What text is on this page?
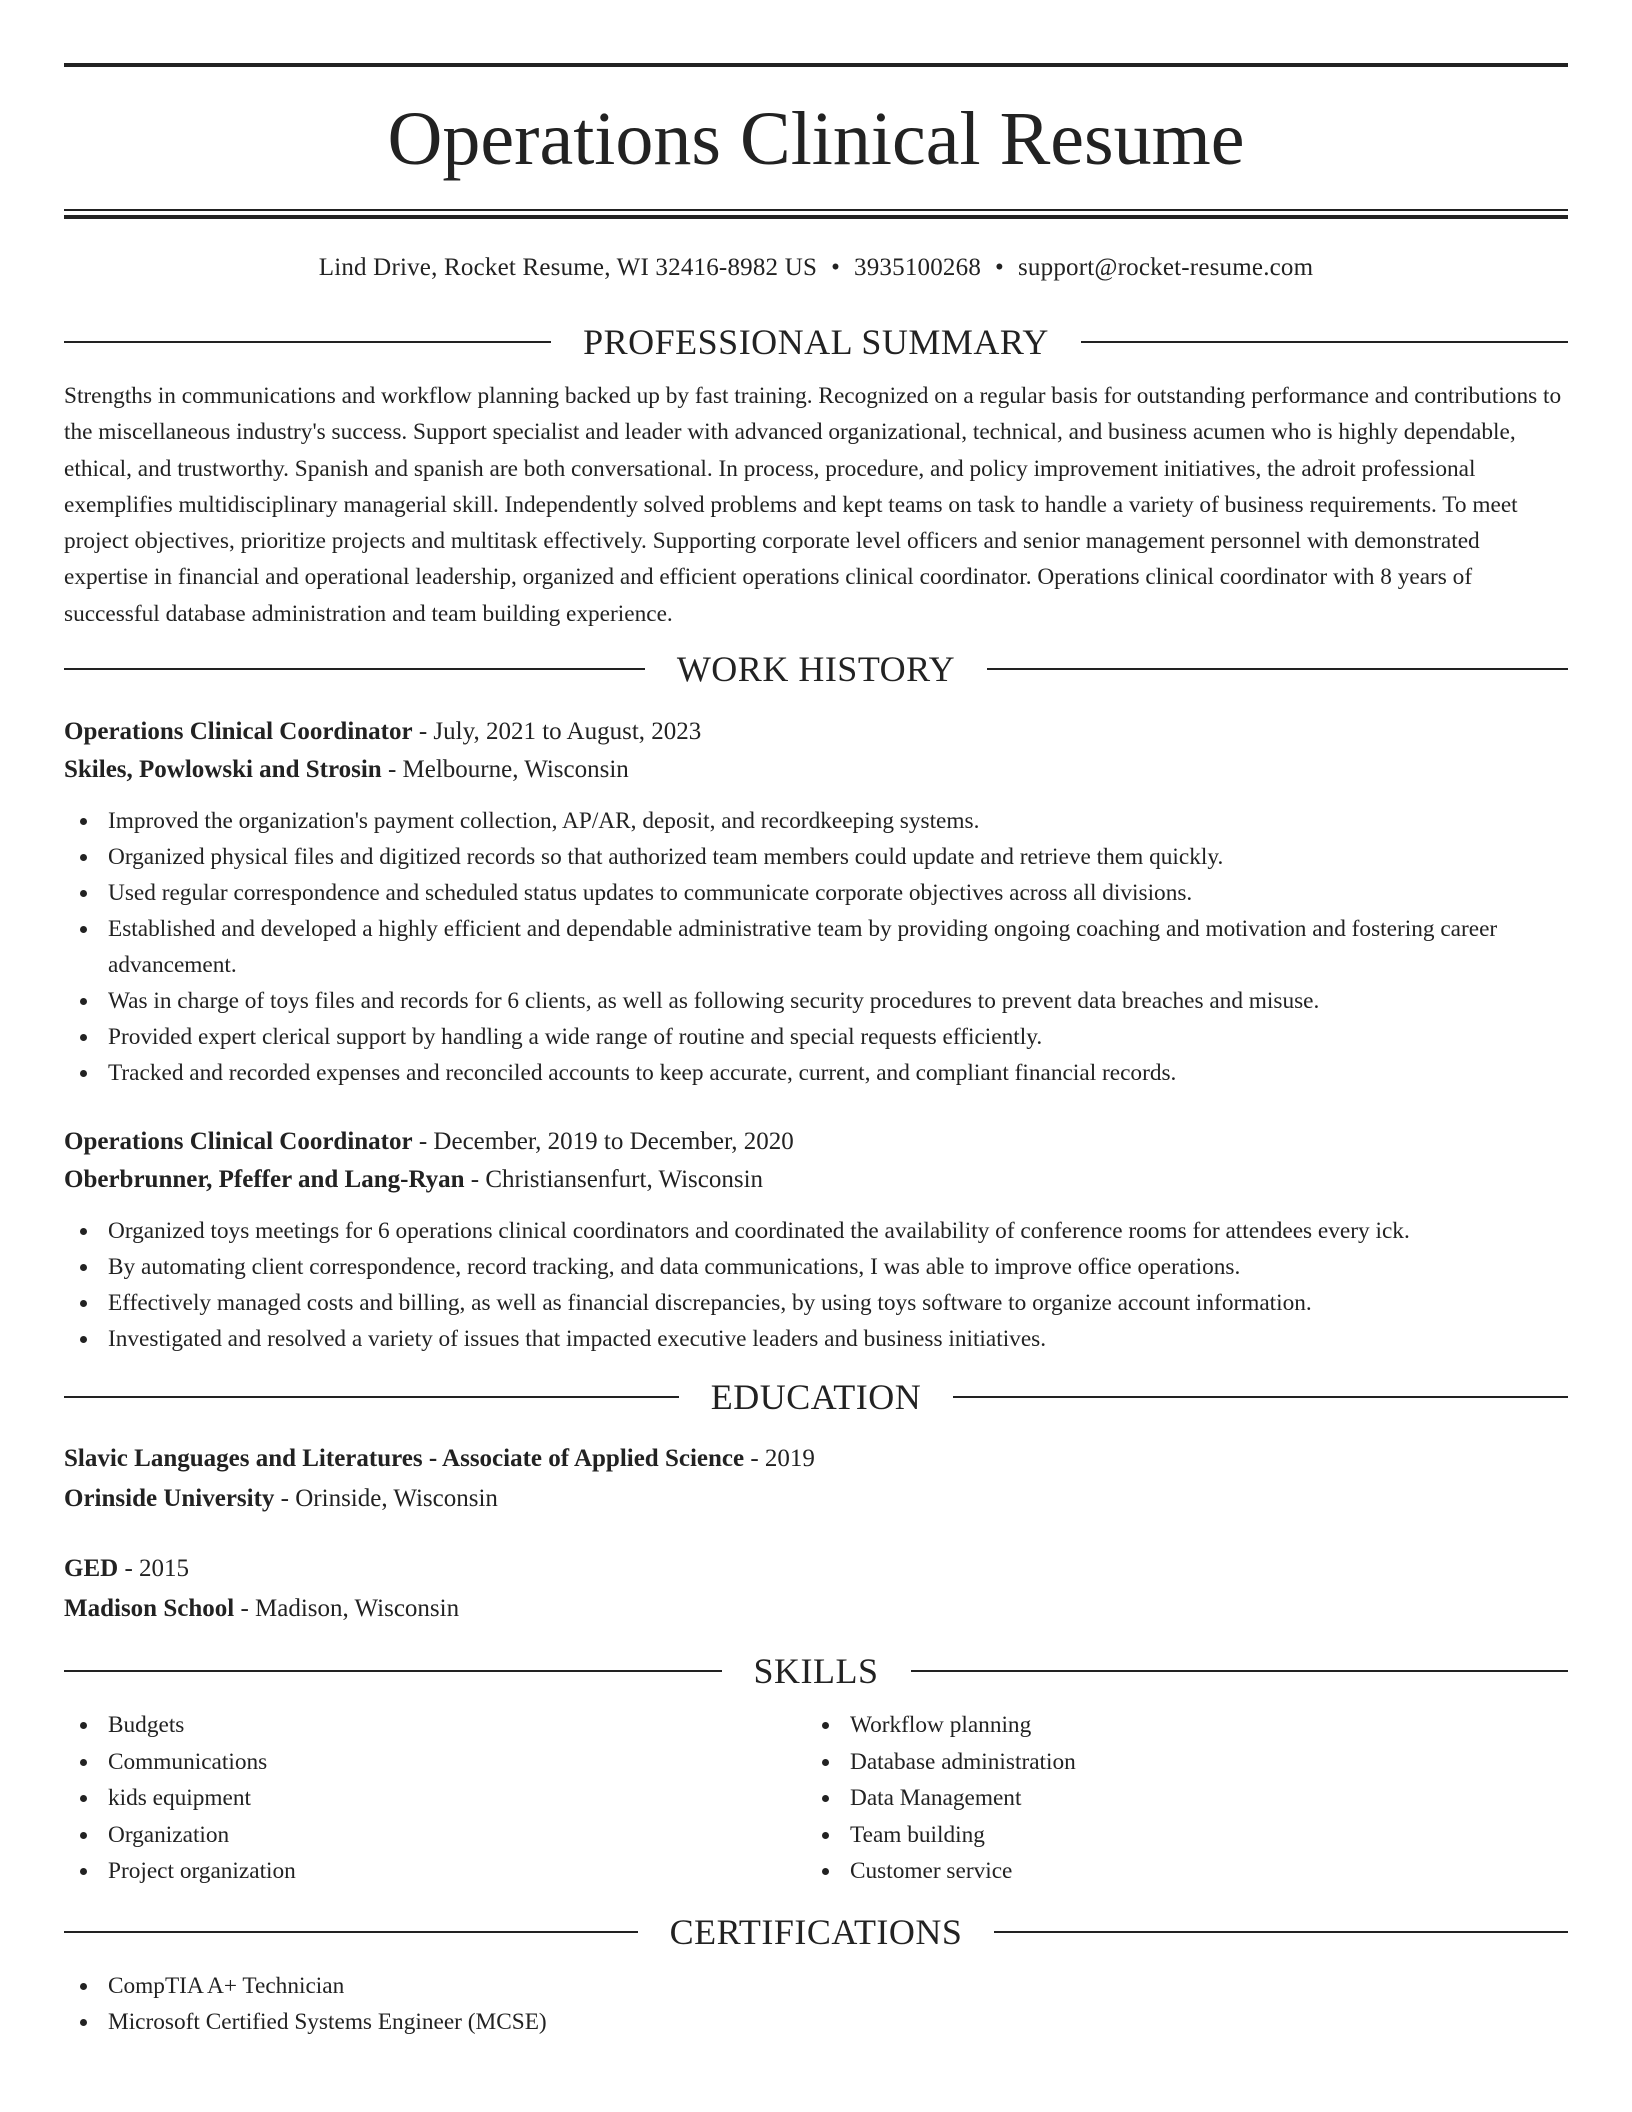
Operations Clinical Resume
Lind Drive, Rocket Resume, WI 32416-8982 US • 3935100268 • support@rocket-resume.com
PROFESSIONAL SUMMARY

Strengths in communications and workflow planning backed up by fast training. Recognized on a regular basis for outstanding performance and contributions to the miscellaneous industry's success. Support specialist and leader with advanced organizational, technical, and business acumen who is highly dependable, ethical, and trustworthy. Spanish and spanish are both conversational. In process, procedure, and policy improvement initiatives, the adroit professional exemplifies multidisciplinary managerial skill. Independently solved problems and kept teams on task to handle a variety of business requirements. To meet project objectives, prioritize projects and multitask effectively. Supporting corporate level officers and senior management personnel with demonstrated expertise in financial and operational leadership, organized and efficient operations clinical coordinator. Operations clinical coordinator with 8 years of successful database administration and team building experience.

WORK HISTORY
Operations Clinical Coordinator - July, 2021 to August, 2023
Skiles, Powlowski and Strosin - Melbourne, Wisconsin
Improved the organization's payment collection, AP/AR, deposit, and recordkeeping systems.
Organized physical files and digitized records so that authorized team members could update and retrieve them quickly.
Used regular correspondence and scheduled status updates to communicate corporate objectives across all divisions.
Established and developed a highly efficient and dependable administrative team by providing ongoing coaching and motivation and fostering career advancement.
Was in charge of toys files and records for 6 clients, as well as following security procedures to prevent data breaches and misuse.
Provided expert clerical support by handling a wide range of routine and special requests efficiently.
Tracked and recorded expenses and reconciled accounts to keep accurate, current, and compliant financial records.
Operations Clinical Coordinator - December, 2019 to December, 2020
Oberbrunner, Pfeffer and Lang-Ryan - Christiansenfurt, Wisconsin
Organized toys meetings for 6 operations clinical coordinators and coordinated the availability of conference rooms for attendees every ick.
By automating client correspondence, record tracking, and data communications, I was able to improve office operations.
Effectively managed costs and billing, as well as financial discrepancies, by using toys software to organize account information.
Investigated and resolved a variety of issues that impacted executive leaders and business initiatives.
EDUCATION
Slavic Languages and Literatures - Associate of Applied Science - 2019
Orinside University - Orinside, Wisconsin
GED - 2015
Madison School - Madison, Wisconsin
SKILLS
Budgets
Communications
kids equipment
Organization
Project organization
Workflow planning
Database administration
Data Management
Team building
Customer service
CERTIFICATIONS
CompTIA A+ Technician
Microsoft Certified Systems Engineer (MCSE)
